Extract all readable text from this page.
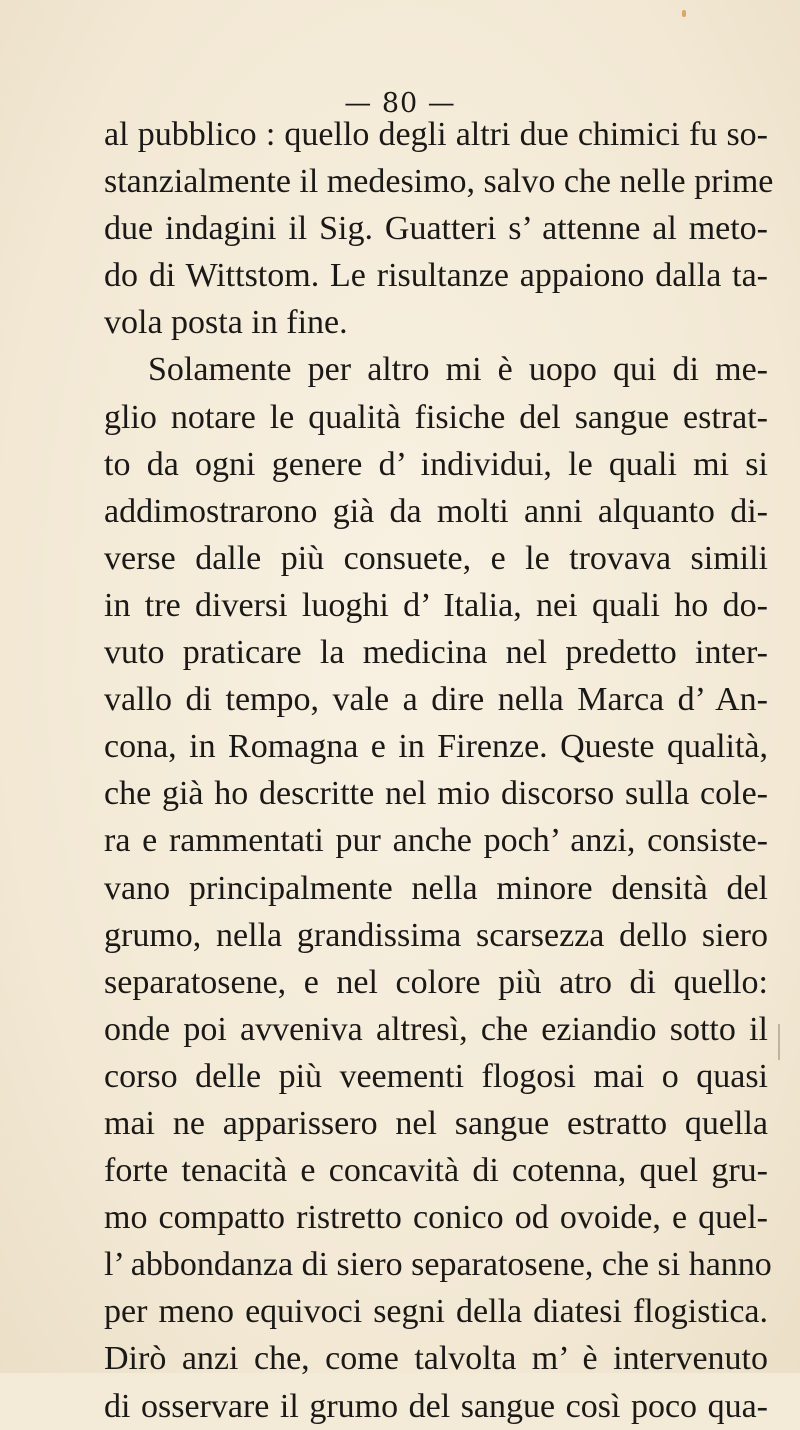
— 80 —
al pubblico : quello degli altri due chimici fu so-
stanzialmente il medesimo, salvo che nelle prime
due indagini il Sig. Guatteri s’ attenne al meto-
do di Wittstom. Le risultanze appaiono dalla ta-
vola posta in fine.
Solamente per altro mi è uopo qui di me-
glio notare le qualità fisiche del sangue estrat-
to da ogni genere d’ individui, le quali mi si
addimostrarono già da molti anni alquanto di-
verse dalle più consuete, e le trovava simili
in tre diversi luoghi d’ Italia, nei quali ho do-
vuto praticare la medicina nel predetto inter-
vallo di tempo, vale a dire nella Marca d’ An-
cona, in Romagna e in Firenze. Queste qualità,
che già ho descritte nel mio discorso sulla cole-
ra e rammentati pur anche poch’ anzi, consiste-
vano principalmente nella minore densità del
grumo, nella grandissima scarsezza dello siero
separatosene, e nel colore più atro di quello:
onde poi avveniva altresì, che eziandio sotto il
corso delle più veementi flogosi mai o quasi
mai ne apparissero nel sangue estratto quella
forte tenacità e concavità di cotenna, quel gru-
mo compatto ristretto conico od ovoide, e quel-
l’ abbondanza di siero separatosene, che si hanno
per meno equivoci segni della diatesi flogistica.
Dirò anzi che, come talvolta m’ è intervenuto
di osservare il grumo del sangue così poco qua-
